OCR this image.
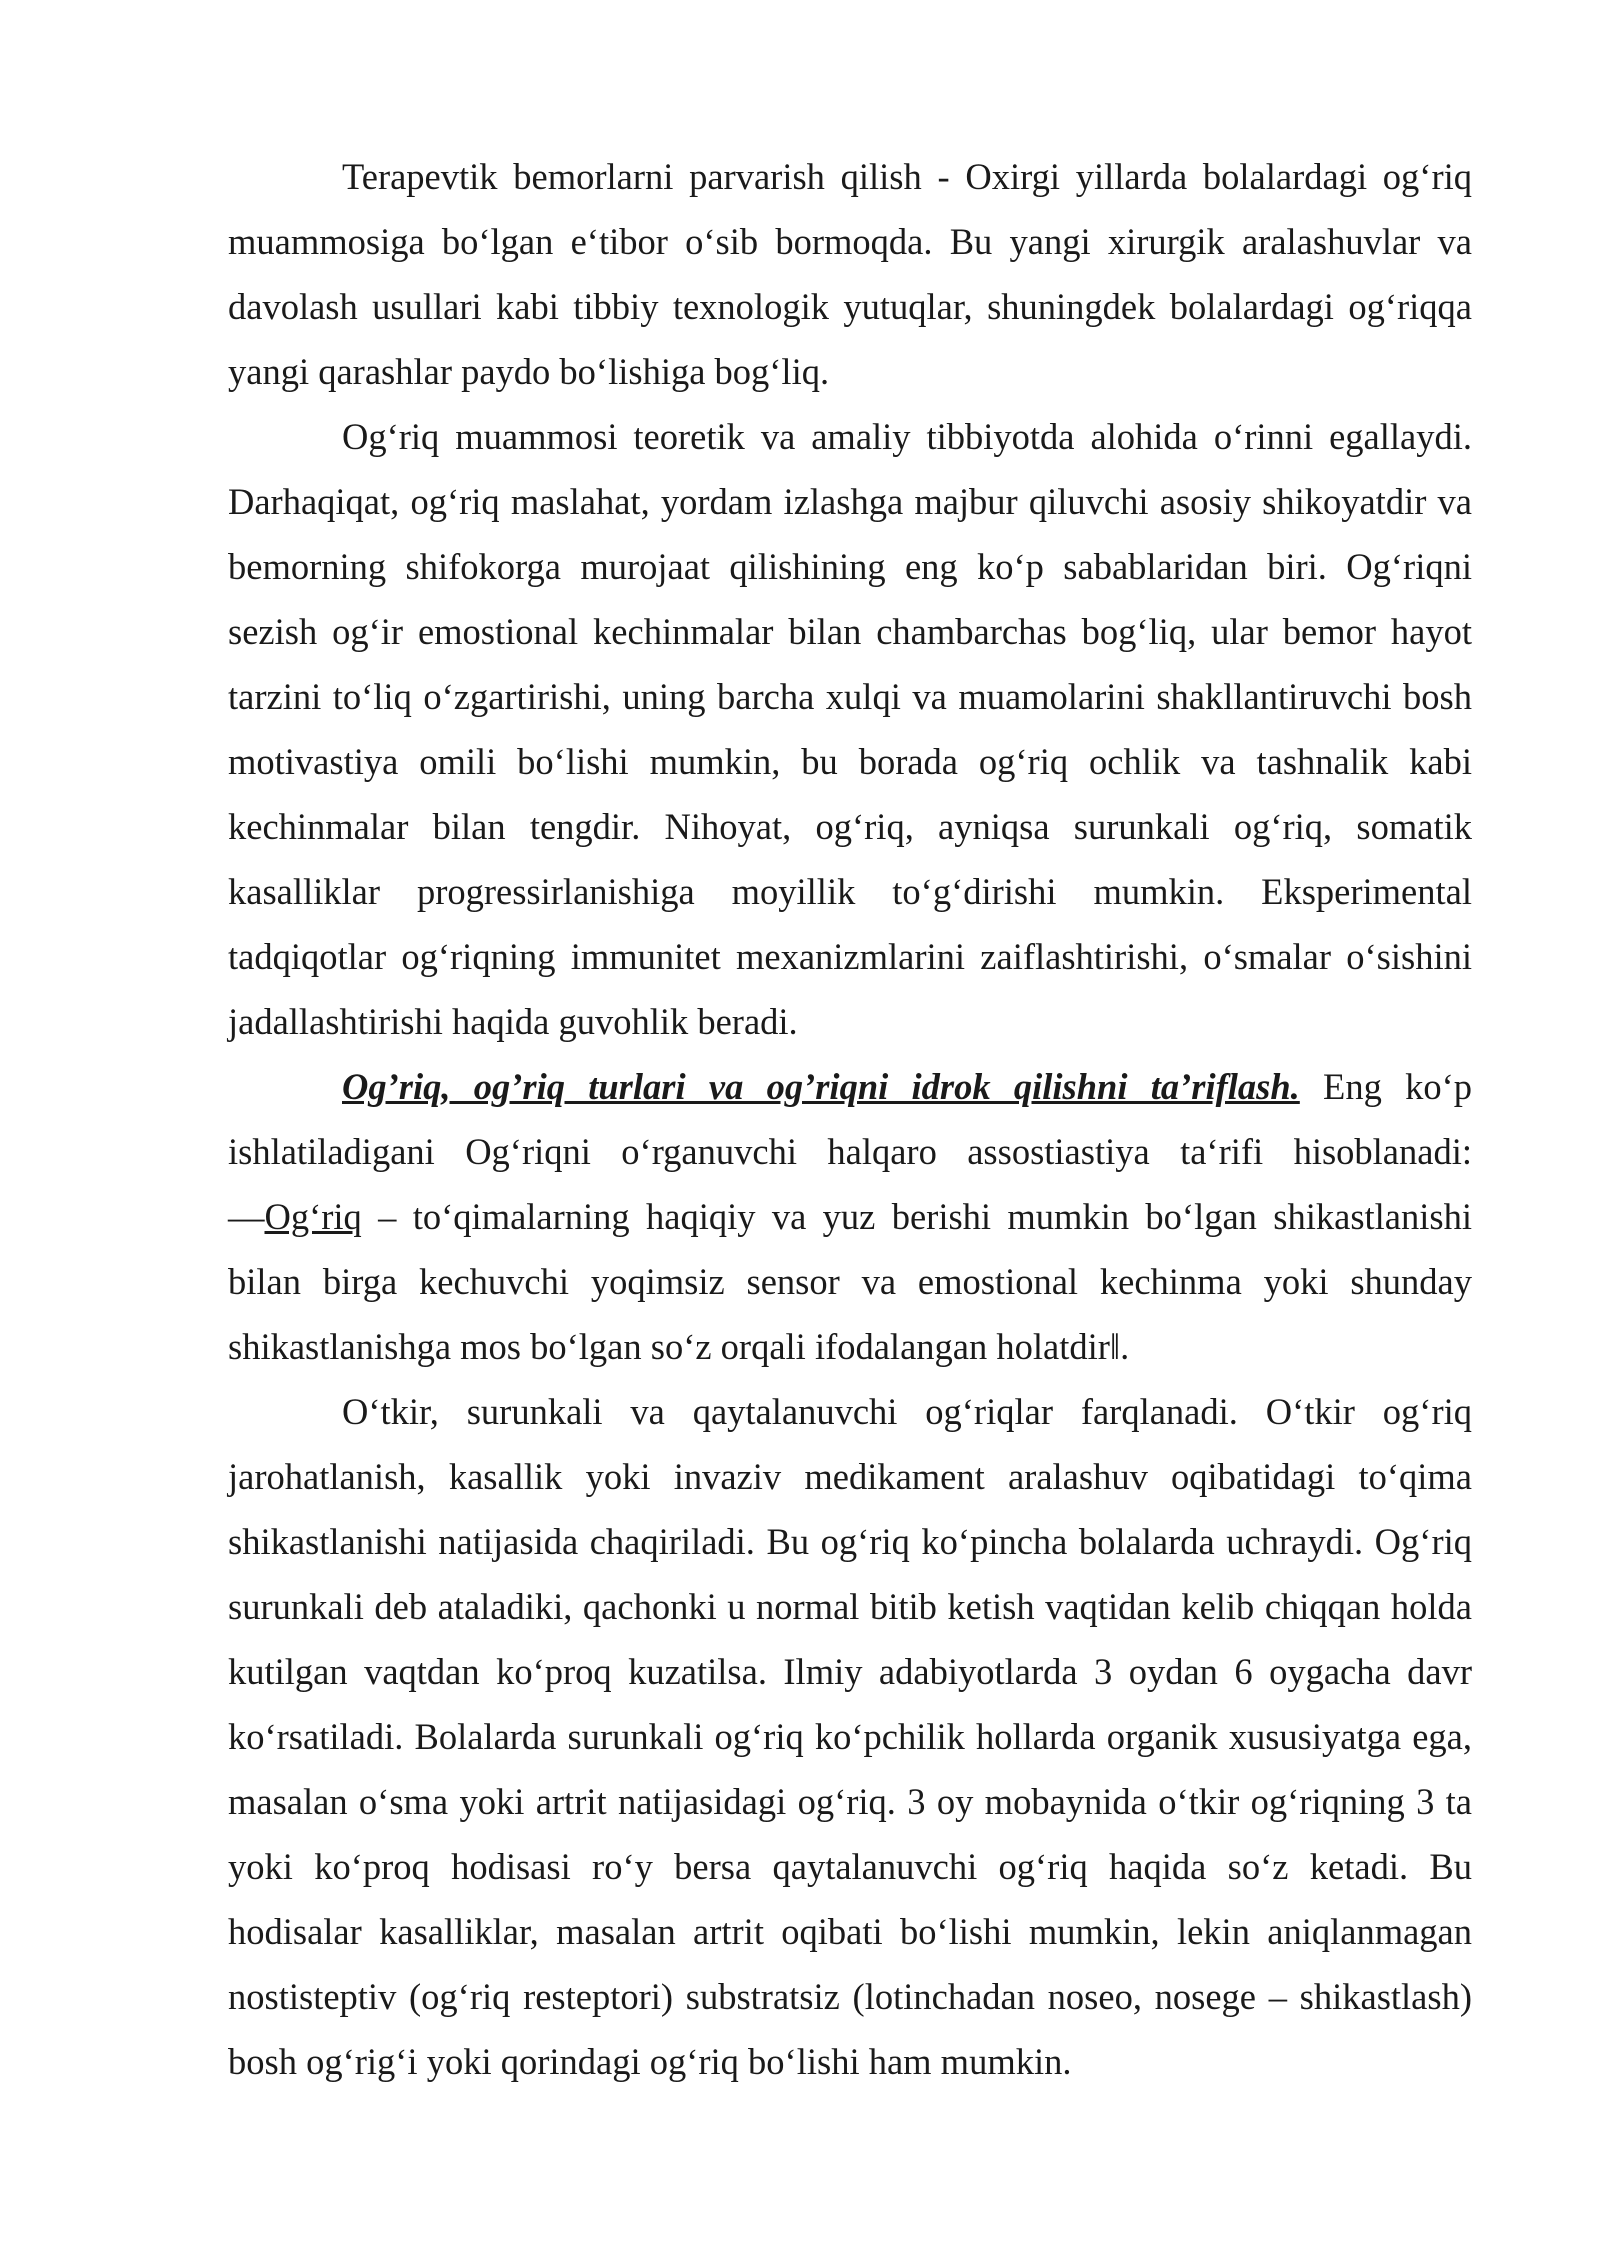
Terapevtik bemorlarni parvarish qilish - Oxirgi yillarda bolalardagi og‘riq muammosiga bo‘lgan e‘tibor o‘sib bormoqda. Bu yangi xirurgik aralashuvlar va davolash usullari kabi tibbiy texnologik yutuqlar, shuningdek bolalardagi og‘riqqa yangi qarashlar paydo bo‘lishiga bog‘liq.

Og‘riq muammosi teoretik va amaliy tibbiyotda alohida o‘rinni egallaydi. Darhaqiqat, og‘riq maslahat, yordam izlashga majbur qiluvchi asosiy shikoyatdir va bemorning shifokorga murojaat qilishining eng ko‘p sabablaridan biri. Og‘riqni sezish og‘ir emostional kechinmalar bilan chambarchas bog‘liq, ular bemor hayot tarzini to‘liq o‘zgartirishi, uning barcha xulqi va muamolarini shakllantiruvchi bosh motivastiya omili bo‘lishi mumkin, bu borada og‘riq ochlik va tashnalik kabi kechinmalar bilan tengdir. Nihoyat, og‘riq, ayniqsa surunkali og‘riq, somatik kasalliklar progressirlanishiga moyillik to‘g‘dirishi mumkin. Eksperimental tadqiqotlar og‘riqning immunitet mexanizmlarini zaiflashtirishi, o‘smalar o‘sishini jadallashtirishi haqida guvohlik beradi.

Og’riq, og’riq turlari va og’riqni idrok qilishni ta’riflash. Eng ko‘p ishlatiladigani Og‘riqni o‘rganuvchi halqaro assostiastiya ta‘rifi hisoblanadi: ―Og‘riq – to‘qimalarning haqiqiy va yuz berishi mumkin bo‘lgan shikastlanishi bilan birga kechuvchi yoqimsiz sensor va emostional kechinma yoki shunday shikastlanishga mos bo‘lgan so‘z orqali ifodalangan holatdir‖.

O‘tkir, surunkali va qaytalanuvchi og‘riqlar farqlanadi. O‘tkir og‘riq jarohatlanish, kasallik yoki invaziv medikament aralashuv oqibatidagi to‘qima shikastlanishi natijasida chaqiriladi. Bu og‘riq ko‘pincha bolalarda uchraydi. Og‘riq surunkali deb ataladiki, qachonki u normal bitib ketish vaqtidan kelib chiqqan holda kutilgan vaqtdan ko‘proq kuzatilsa. Ilmiy adabiyotlarda 3 oydan 6 oygacha davr ko‘rsatiladi. Bolalarda surunkali og‘riq ko‘pchilik hollarda organik xususiyatga ega, masalan o‘sma yoki artrit natijasidagi og‘riq. 3 oy mobaynida o‘tkir og‘riqning 3 ta yoki ko‘proq hodisasi ro‘y bersa qaytalanuvchi og‘riq haqida so‘z ketadi. Bu hodisalar kasalliklar, masalan artrit oqibati bo‘lishi mumkin, lekin aniqlanmagan nostisteptiv (og‘riq resteptori) substratsiz (lotinchadan noseo, nosege – shikastlash) bosh og‘rig‘i yoki qorindagi og‘riq bo‘lishi ham mumkin.
